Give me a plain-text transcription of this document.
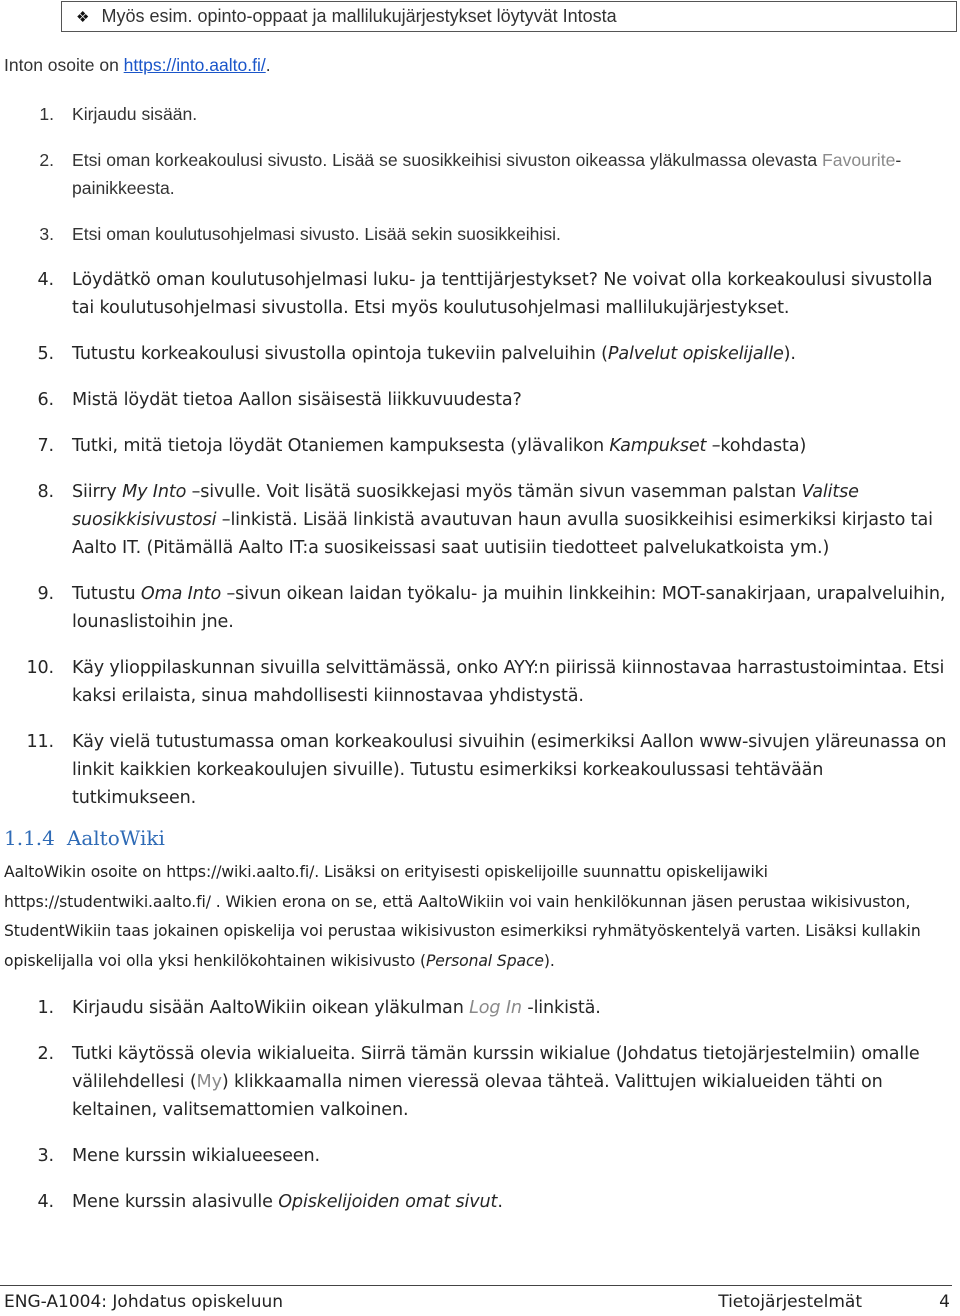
❖ Myös esim. opinto-oppaat ja mallilukujärjestykset löytyvät Intosta
Inton osoite on https://into.aalto.fi/.
1. Kirjaudu sisään.
2. Etsi oman korkeakoulusi sivusto. Lisää se suosikkeihisi sivuston oikeassa yläkulmassa olevasta Favourite-painikkeesta.
3. Etsi oman koulutusohjelmasi sivusto. Lisää sekin suosikkeihisi.
4. Löydätkö oman koulutusohjelmasi luku- ja tenttijärjestykset? Ne voivat olla korkeakoulusi sivustolla tai koulutusohjelmasi sivustolla. Etsi myös koulutusohjelmasi mallilukujärjestykset.
5. Tutustu korkeakoulusi sivustolla opintoja tukeviin palveluihin (Palvelut opiskelijalle).
6. Mistä löydät tietoa Aallon sisäisestä liikkuvuudesta?
7. Tutki, mitä tietoja löydät Otaniemen kampuksesta (ylävalikon Kampukset –kohdasta)
8. Siirry My Into –sivulle. Voit lisätä suosikkejasi myös tämän sivun vasemman palstan Valitse suosikkisivustosi –linkistä. Lisää linkistä avautuvan haun avulla suosikkeihisi esimerkiksi kirjasto tai Aalto IT. (Pitämällä Aalto IT:a suosikeissasi saat uutisiin tiedotteet palvelukatkoista ym.)
9. Tutustu Oma Into –sivun oikean laidan työkalu- ja muihin linkkeihin: MOT-sanakirjaan, urapalveluihin, lounaslistoihin jne.
10. Käy ylioppilaskunnan sivuilla selvittämässä, onko AYY:n piirissä kiinnostavaa harrastustoimintaa. Etsi kaksi erilaista, sinua mahdollisesti kiinnostavaa yhdistystä.
11. Käy vielä tutustumassa oman korkeakoulusi sivuihin (esimerkiksi Aallon www-sivujen yläreunassa on linkit kaikkien korkeakoulujen sivuille). Tutustu esimerkiksi korkeakoulussasi tehtävään tutkimukseen.
1.1.4 AaltoWiki
AaltoWikin osoite on https://wiki.aalto.fi/. Lisäksi on erityisesti opiskelijoille suunnattu opiskelijawiki https://studentwiki.aalto.fi/ . Wikien erona on se, että AaltoWikiin voi vain henkilökunnan jäsen perustaa wikisivuston, StudentWikiin taas jokainen opiskelija voi perustaa wikisivuston esimerkiksi ryhmätyöskentelyä varten. Lisäksi kullakin opiskelijalla voi olla yksi henkilökohtainen wikisivusto (Personal Space).
1. Kirjaudu sisään AaltoWikiin oikean yläkulman Log In -linkistä.
2. Tutki käytössä olevia wikialueita. Siirrä tämän kurssin wikialue (Johdatus tietojärjestelmiin) omalle välilehdellesi (My) klikkaamalla nimen vieressä olevaa tähteä. Valittujen wikialueiden tähti on keltainen, valitsemattomien valkoinen.
3. Mene kurssin wikialueeseen.
4. Mene kurssin alasivulle Opiskelijoiden omat sivut.
ENG-A1004: Johdatus opiskeluun	Tietojärjestelmät	4
